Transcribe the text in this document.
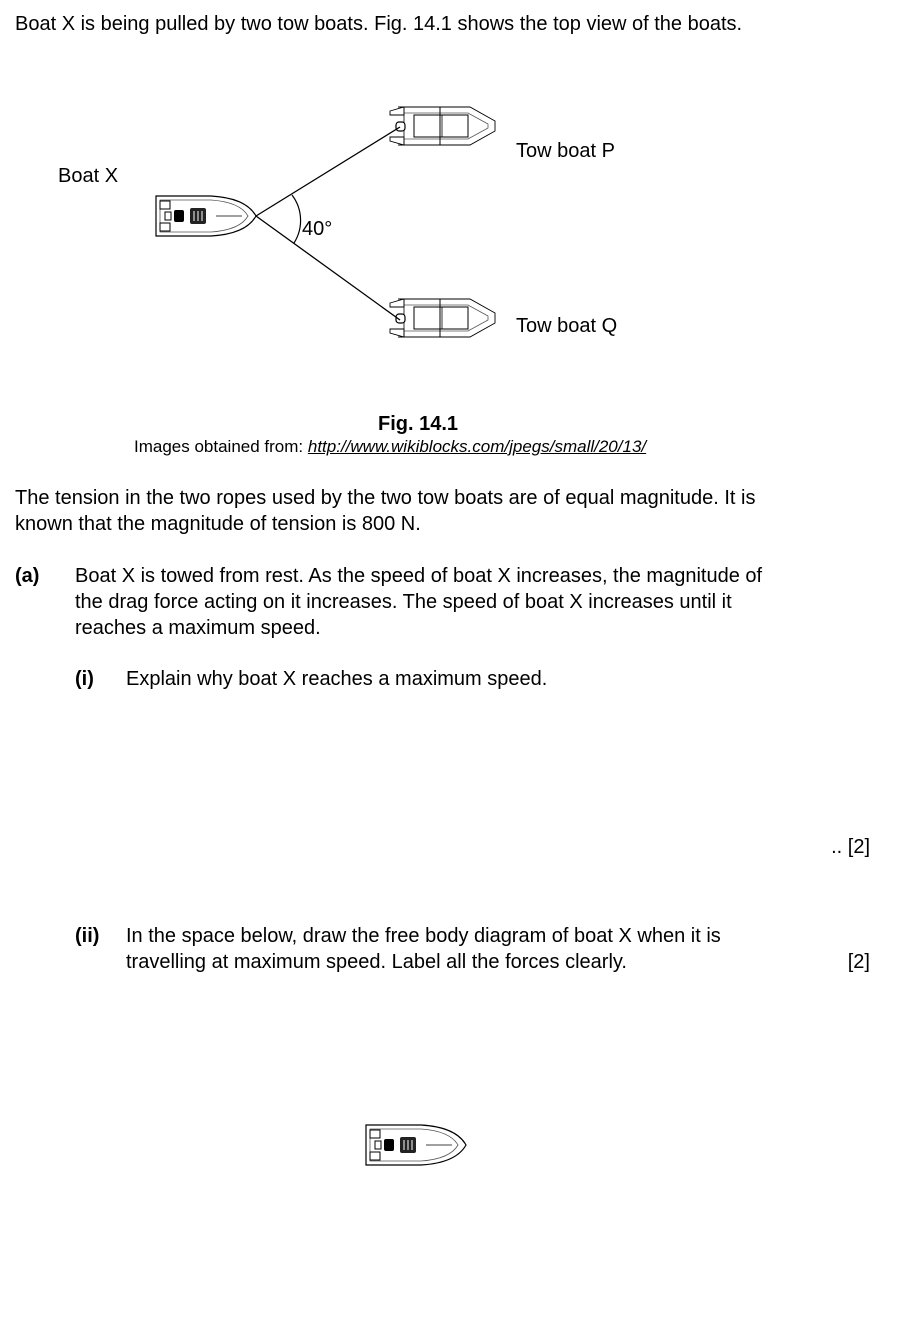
Boat X is being pulled by two tow boats. Fig. 14.1 shows the top view of the boats.
Boat X
Tow boat P
Tow boat Q
40°
Fig. 14.1
Images obtained from: http://www.wikiblocks.com/jpegs/small/20/13/
The tension in the two ropes used by the two tow boats are of equal magnitude. It is
known that the magnitude of tension is 800 N.
(a) Boat X is towed from rest. As the speed of boat X increases, the magnitude of
the drag force acting on it increases. The speed of boat X increases until it
reaches a maximum speed.
(i) Explain why boat X reaches a maximum speed.
.. [2]
(ii) In the space below, draw the free body diagram of boat X when it is
travelling at maximum speed. Label all the forces clearly.	[2]
